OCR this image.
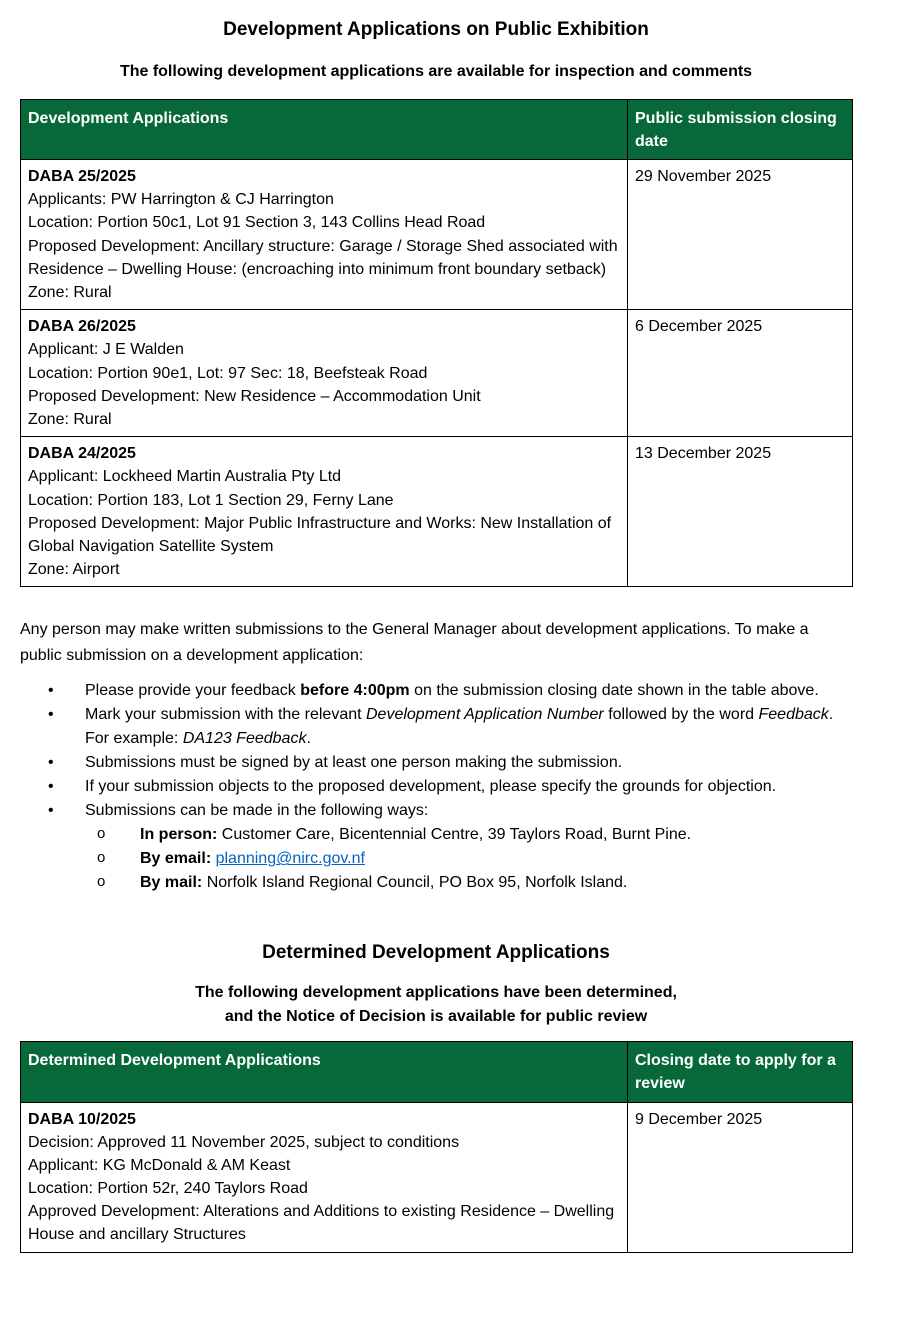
Development Applications on Public Exhibition
The following development applications are available for inspection and comments
Development Applications	Public submission closing date

DABA 25/2025
Applicants: PW Harrington & CJ Harrington
Location: Portion 50c1, Lot 91 Section 3, 143 Collins Head Road
Proposed Development: Ancillary structure: Garage / Storage Shed associated with Residence – Dwelling House: (encroaching into minimum front boundary setback)
Zone: Rural	29 November 2025

DABA 26/2025
Applicant: J E Walden
Location: Portion 90e1, Lot: 97 Sec: 18, Beefsteak Road
Proposed Development: New Residence – Accommodation Unit
Zone: Rural	6 December 2025

DABA 24/2025
Applicant: Lockheed Martin Australia Pty Ltd
Location: Portion 183, Lot 1 Section 29, Ferny Lane
Proposed Development: Major Public Infrastructure and Works: New Installation of Global Navigation Satellite System
Zone: Airport	13 December 2025
Any person may make written submissions to the General Manager about development applications. To make a public submission on a development application:
• Please provide your feedback before 4:00pm on the submission closing date shown in the table above.
• Mark your submission with the relevant Development Application Number followed by the word Feedback. For example: DA123 Feedback.
• Submissions must be signed by at least one person making the submission.
• If your submission objects to the proposed development, please specify the grounds for objection.
• Submissions can be made in the following ways:
o In person: Customer Care, Bicentennial Centre, 39 Taylors Road, Burnt Pine.
o By email: planning@nirc.gov.nf
o By mail: Norfolk Island Regional Council, PO Box 95, Norfolk Island.
Determined Development Applications
The following development applications have been determined,
and the Notice of Decision is available for public review
Determined Development Applications	Closing date to apply for a review

DABA 10/2025
Decision: Approved 11 November 2025, subject to conditions
Applicant: KG McDonald & AM Keast
Location: Portion 52r, 240 Taylors Road
Approved Development: Alterations and Additions to existing Residence – Dwelling House and ancillary Structures	9 December 2025
